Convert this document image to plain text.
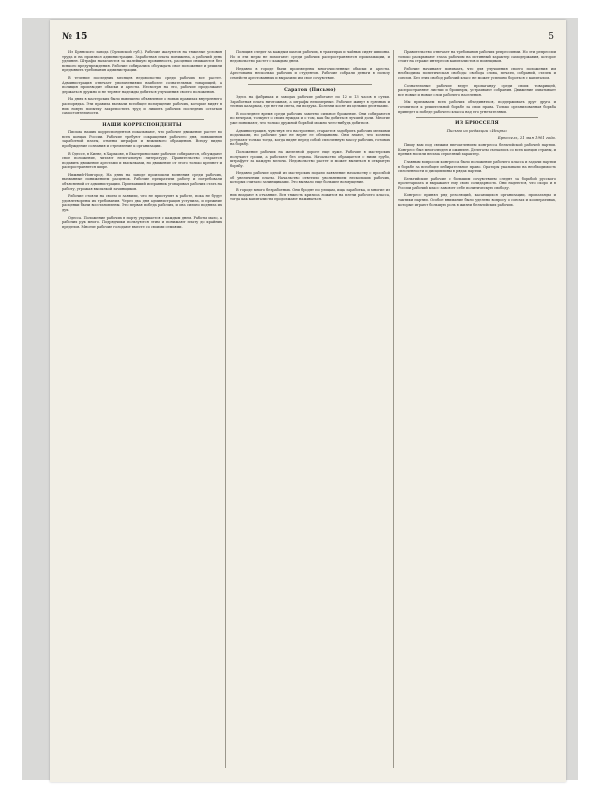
№ 15	5

Из Брянского завода (Орловской губ.). Рабочие жалуются на тяжелые условия труда и на произвол администрации. Заработная плата понижена, а рабочий день удлинен. Штрафы налагаются за малейшую провинность, расценки снижаются без всякого предупреждения. Рабочие собирались обсуждать свое положение и решили предъявить требования администрации.

В течение последних месяцев недовольство среди рабочих все растет. Администрация отвечает увольнениями наиболее сознательных товарищей, а полиция производит обыски и аресты. Несмотря на это, рабочие продолжают держаться дружно и не теряют надежды добиться улучшения своего положения.

На днях в мастерских было вывешено объявление о новых правилах внутреннего распорядка. Эти правила вызвали всеобщее возмущение рабочих, которые видят в них новую попытку закрепостить труд и лишить рабочих последних остатков самостоятельности.

НАШИ КОРРЕСПОНДЕНТЫ

Письма наших корреспондентов показывают, что рабочее движение растет во всех концах России. Рабочие требуют сокращения рабочего дня, повышения заработной платы, отмены штрафов и вежливого обращения. Всюду видно пробуждение сознания и стремление к организации.

В Одессе, в Киеве, в Харькове, в Екатеринославе рабочие собираются, обсуждают свое положение, читают нелегальную литературу. Правительство старается подавить движение арестами и высылками, но движение от этого только крепнет и распространяется шире.

Нижний-Новгород. На днях на заводе произошли волнения среди рабочих, вызванные понижением расценок. Рабочие прекратили работу и потребовали объяснений от администрации. Приехавший исправник уговаривал рабочих стать на работу, угрожая высылкой зачинщиков.

Рабочие стояли на своем и заявили, что не приступят к работе, пока не будут удовлетворены их требования. Через два дня администрация уступила, и прежние расценки были восстановлены. Это первая победа рабочих, и она сильно подняла их дух.

Одесса. Положение рабочих в порту ухудшается с каждым днем. Работы мало, а рабочих рук много. Подрядчики пользуются этим и понижают плату до крайних пределов. Многие рабочие голодают вместе со своими семьями.

Полиция следит за каждым шагом рабочих, в трактирах и чайных сидят шпионы. Но и эти меры не помогают: среди рабочих распространяются прокламации, и недовольство растет с каждым днем.

Недавно в городе были произведены многочисленные обыски и аресты. Арестованы несколько рабочих и студентов. Рабочие собрали деньги в пользу семейств арестованных и выразили им свое сочувствие.

Саратов (Письмо)

Здесь на фабриках и заводах рабочие работают по 12 и 13 часов в сутки. Заработная плата ничтожная, а штрафы непомерные. Рабочие живут в грязных и тесных казармах, где нет ни света, ни воздуха. Болезни косят их целыми десятками.

В последнее время среди рабочих заметно сильное брожение. Они собираются по вечерам, толкуют о своих нуждах и о том, как бы добиться лучшей доли. Многие уже понимают, что только дружной борьбой можно чего-нибудь добиться.

Администрация, чувствуя это настроение, старается задобрить рабочих мелкими подачками, но рабочие уже не верят ее обещаниям. Они знают, что хозяева уступают только тогда, когда видят перед собой сплоченную массу рабочих, готовых на борьбу.

Положение рабочих на железной дороге еще хуже. Рабочие в мастерских получают гроши, а работают без отдыха. Начальство обращается с ними грубо, штрафует за каждую мелочь. Недовольство растет и может вылиться в открытую борьбу.

Недавно рабочие одной из мастерских подали заявление начальству с просьбой об увеличении платы. Начальство ответило увольнением нескольких рабочих, которых считало зачинщиками. Это вызвало еще большее возмущение.

В городе много безработных. Они бродят по улицам, ища заработка, и многие из них впадают в отчаяние. Вся тяжесть кризиса ложится на плечи рабочего класса, тогда как капиталисты продолжают наживаться.

Правительство отвечает на требования рабочих репрессиями. Но эти репрессии только раскрывают глаза рабочим на истинный характер самодержавия, которое стоит на страже интересов капиталистов и помещиков.

Рабочие начинают понимать, что для улучшения своего положения им необходима политическая свобода: свобода слова, печати, собраний, стачек и союзов. Без этих свобод рабочий класс не может успешно бороться с капиталом.

Сознательные рабочие ведут пропаганду среди своих товарищей, распространяют листки и брошюры, устраивают собрания. Движение охватывает все новые и новые слои рабочего населения.

Мы призываем всех рабочих объединяться, поддерживать друг друга и готовиться к решительной борьбе за свои права. Только организованная борьба приведет к победе рабочего класса над его угнетателями.

ИЗ БРЮССЕЛЯ
Письмо из редакции «Искры»
Брюссель, 21 мая 1901 года.

Пишу вам под свежим впечатлением конгресса бельгийской рабочей партии. Конгресс был многолюден и оживлен. Делегаты съехались со всех концов страны, и прения носили весьма серьезный характер.

Главным вопросом конгресса было положение рабочего класса и задачи партии в борьбе за всеобщее избирательное право. Ораторы указывали на необходимость сплоченности и дисциплины в рядах партии.

Бельгийские рабочие с большим сочувствием следят за борьбой русского пролетариата и выражают ему свою солидарность. Они надеются, что скоро и в России рабочий класс завоюет себе политическую свободу.

Конгресс принял ряд резолюций, касающихся организации, пропаганды и тактики партии. Особое внимание было уделено вопросу о союзах и кооперативах, которые играют большую роль в жизни бельгийских рабочих.
